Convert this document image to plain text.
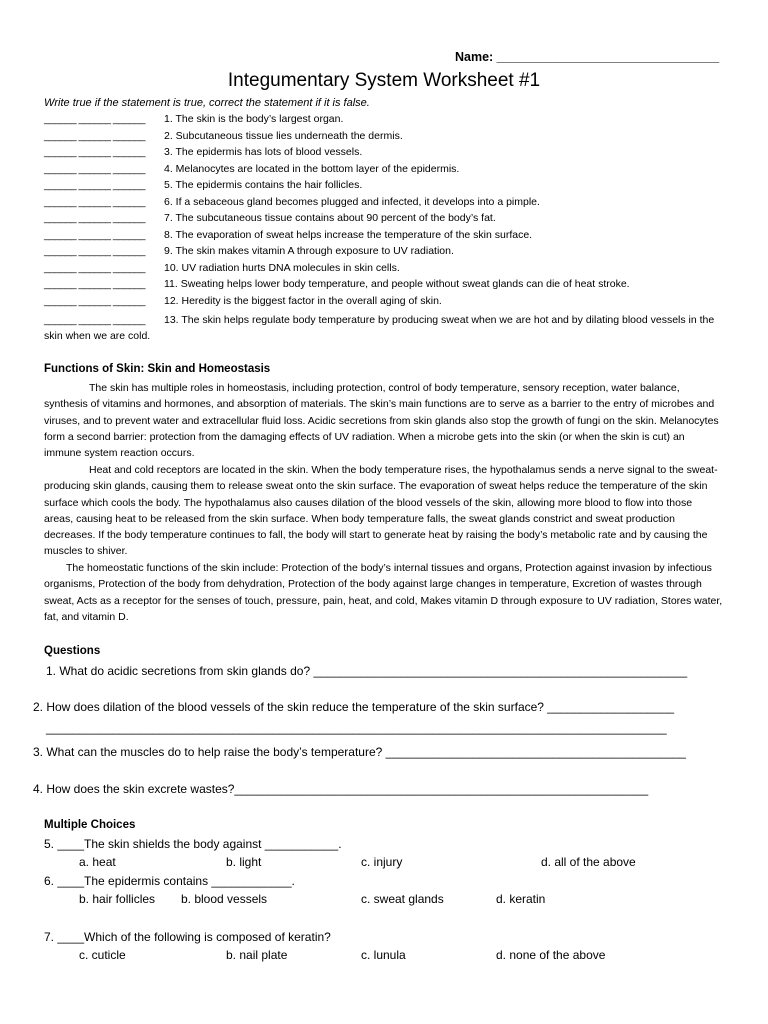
Name: ________________________________
Integumentary System Worksheet #1
Write true if the statement is true, correct the statement if it is false.
______ ______ ______ 1. The skin is the body’s largest organ.
______ ______ ______ 2. Subcutaneous tissue lies underneath the dermis.
______ ______ ______ 3. The epidermis has lots of blood vessels.
______ ______ ______ 4. Melanocytes are located in the bottom layer of the epidermis.
______ ______ ______ 5. The epidermis contains the hair follicles.
______ ______ ______ 6. If a sebaceous gland becomes plugged and infected, it develops into a pimple.
______ ______ ______ 7. The subcutaneous tissue contains about 90 percent of the body’s fat.
______ ______ ______ 8. The evaporation of sweat helps increase the temperature of the skin surface.
______ ______ ______ 9. The skin makes vitamin A through exposure to UV radiation.
______ ______ ______ 10. UV radiation hurts DNA molecules in skin cells.
______ ______ ______ 11. Sweating helps lower body temperature, and people without sweat glands can die of heat stroke.
______ ______ ______ 12. Heredity is the biggest factor in the overall aging of skin.
______ ______ ______ 13. The skin helps regulate body temperature by producing sweat when we are hot and by dilating blood vessels in the skin when we are cold.
Functions of Skin: Skin and Homeostasis
The skin has multiple roles in homeostasis, including protection, control of body temperature, sensory reception, water balance, synthesis of vitamins and hormones, and absorption of materials. The skin’s main functions are to serve as a barrier to the entry of microbes and viruses, and to prevent water and extracellular fluid loss. Acidic secretions from skin glands also stop the growth of fungi on the skin. Melanocytes form a second barrier: protection from the damaging effects of UV radiation. When a microbe gets into the skin (or when the skin is cut) an immune system reaction occurs.
Heat and cold receptors are located in the skin. When the body temperature rises, the hypothalamus sends a nerve signal to the sweat-producing skin glands, causing them to release sweat onto the skin surface. The evaporation of sweat helps reduce the temperature of the skin surface which cools the body. The hypothalamus also causes dilation of the blood vessels of the skin, allowing more blood to flow into those areas, causing heat to be released from the skin surface. When body temperature falls, the sweat glands constrict and sweat production decreases. If the body temperature continues to fall, the body will start to generate heat by raising the body’s metabolic rate and by causing the muscles to shiver.
The homeostatic functions of the skin include: Protection of the body’s internal tissues and organs, Protection against invasion by infectious organisms, Protection of the body from dehydration, Protection of the body against large changes in temperature, Excretion of wastes through sweat, Acts as a receptor for the senses of touch, pressure, pain, heat, and cold, Makes vitamin D through exposure to UV radiation, Stores water, fat, and vitamin D.
Questions
1. What do acidic secretions from skin glands do? ________________________________________________________
2. How does dilation of the blood vessels of the skin reduce the temperature of the skin surface? ___________________
_____________________________________________________________________________________________
3. What can the muscles do to help raise the body’s temperature? _____________________________________________
4. How does the skin excrete wastes?______________________________________________________________
Multiple Choices
5. ____The skin shields the body against ___________.
a. heat	b. light	c. injury	d. all of the above
6. ____The epidermis contains ____________.
b. hair follicles b. blood vessels	c. sweat glands	d. keratin
7. ____Which of the following is composed of keratin?
c. cuticle	b. nail plate	c. lunula	d. none of the above
